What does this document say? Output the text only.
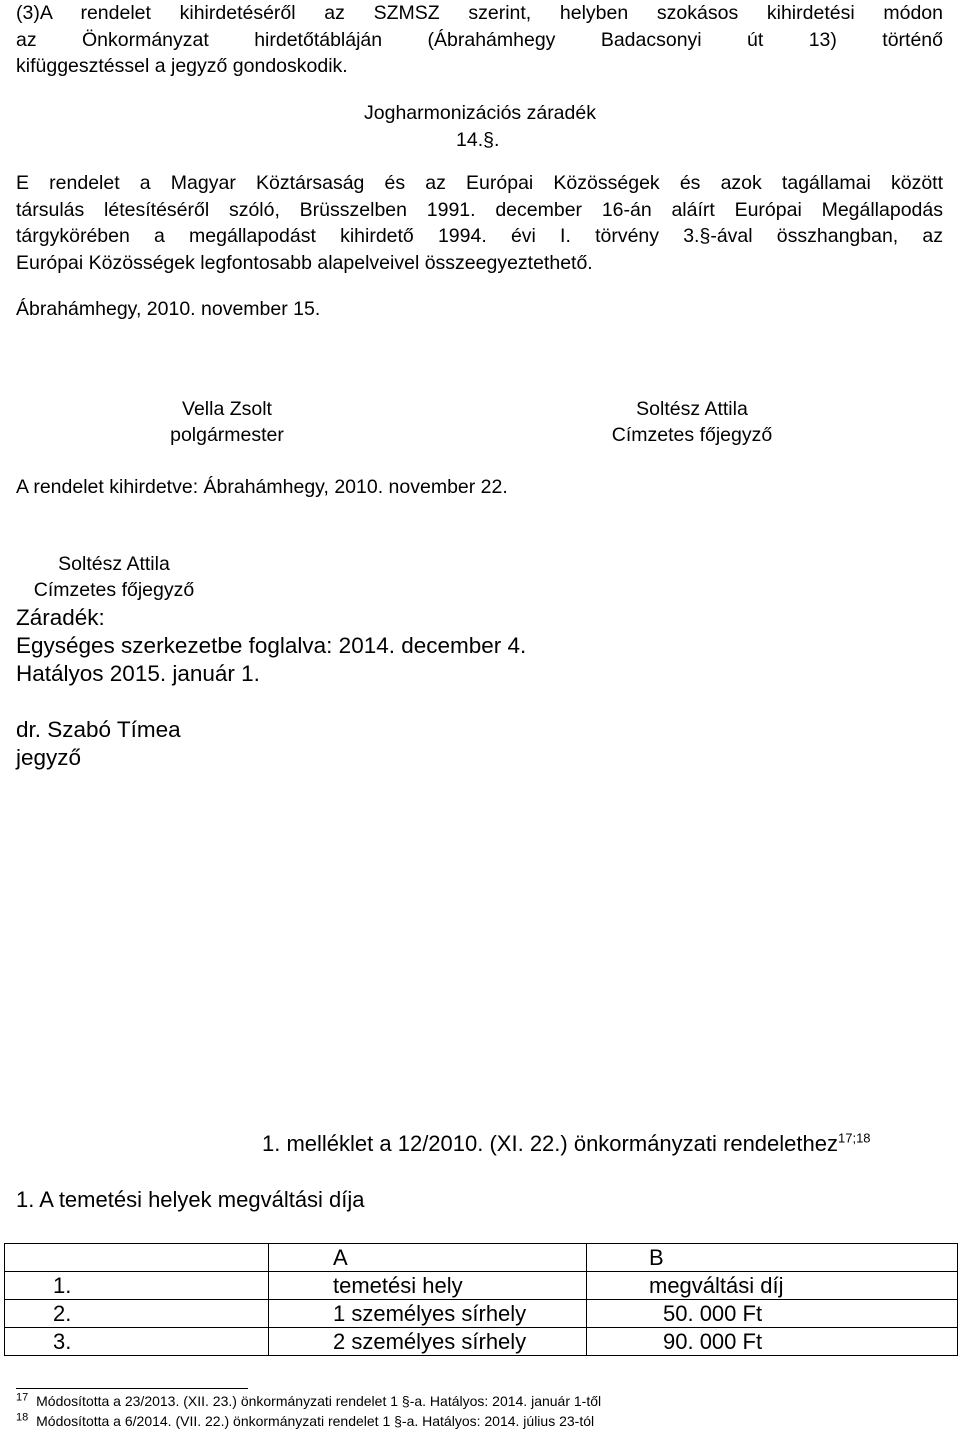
(3)A rendelet kihirdetéséről az SZMSZ szerint, helyben szokásos kihirdetési módon
az Önkormányzat hirdetőtábláján (Ábrahámhegy Badacsonyi út 13) történő
kifüggesztéssel a jegyző gondoskodik.
Jogharmonizációs záradék
14.§.
E rendelet a Magyar Köztársaság és az Európai Közösségek és azok tagállamai között
társulás létesítéséről szóló, Brüsszelben 1991. december 16-án aláírt Európai Megállapodás
tárgykörében a megállapodást kihirdető 1994. évi I. törvény 3.§-ával összhangban, az
Európai Közösségek legfontosabb alapelveivel összeegyeztethető.
Ábrahámhegy, 2010. november 15.
Vella Zsolt
polgármester
Soltész Attila
Címzetes főjegyző
A rendelet kihirdetve: Ábrahámhegy, 2010. november 22.
Soltész Attila
Címzetes főjegyző
Záradék:
Egységes szerkezetbe foglalva: 2014. december 4.
Hatályos 2015. január 1.
dr. Szabó Tímea
jegyző
1. melléklet a 12/2010. (XI. 22.) önkormányzati rendelethez$^{17;18}$
1. A temetési helyek megváltási díja
	A	B
1.	temetési hely	megváltási díj
2.	1 személyes sírhely	50. 000 Ft
3.	2 személyes sírhely	90. 000 Ft
$^{17}$ Módosította a 23/2013. (XII. 23.) önkormányzati rendelet 1 §-a. Hatályos: 2014. január 1-től
$^{18}$ Módosította a 6/2014. (VII. 22.) önkormányzati rendelet 1 §-a. Hatályos: 2014. július 23-tól
